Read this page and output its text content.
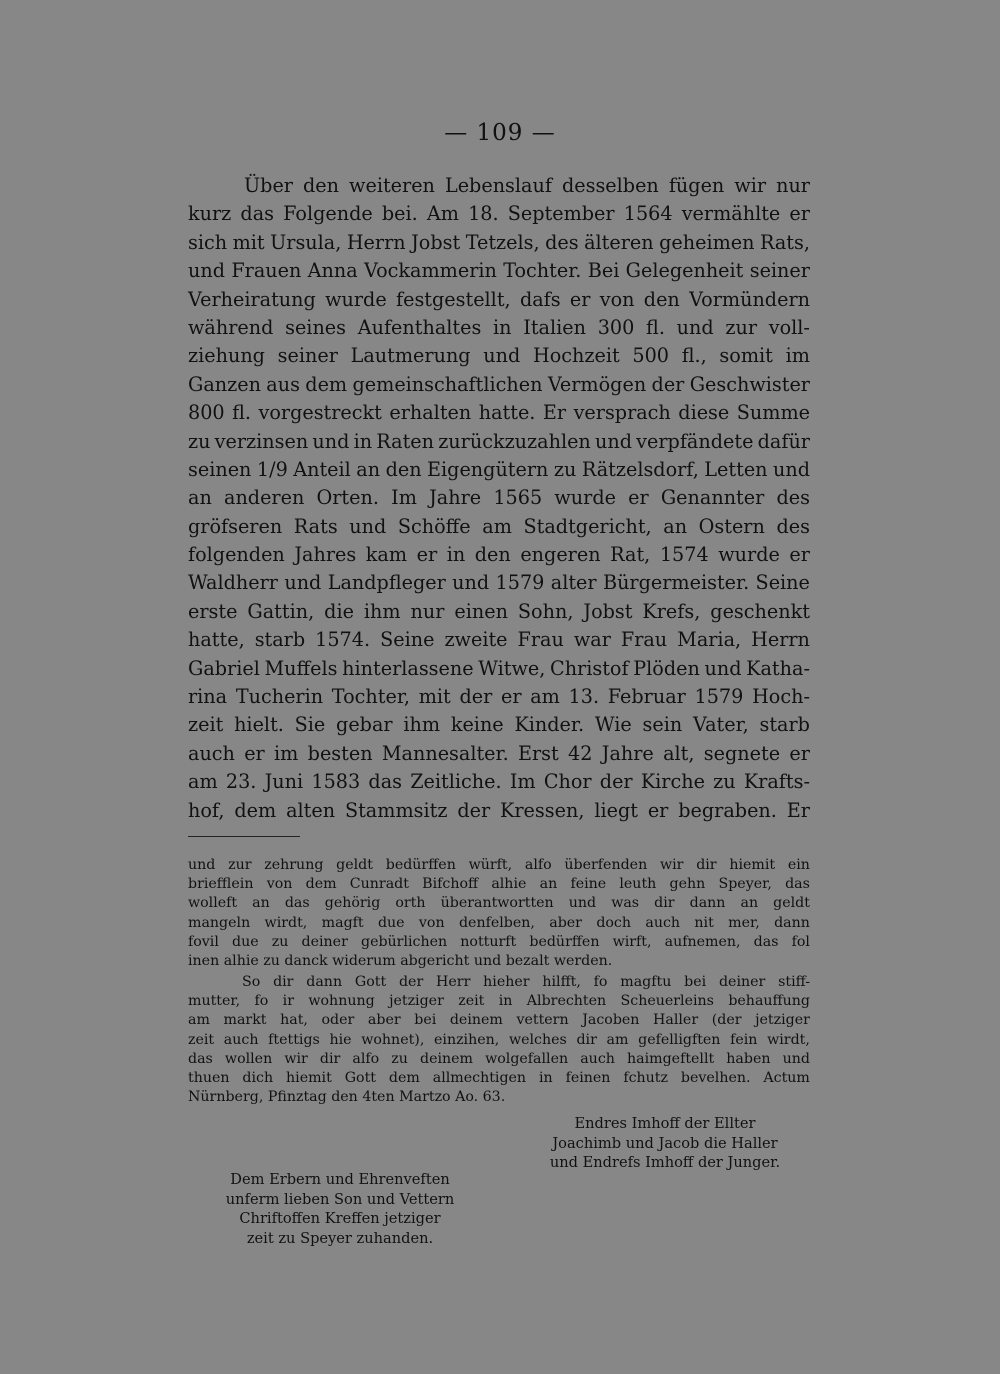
— 109 —
Über den weiteren Lebenslauf desselben fügen wir nur
kurz das Folgende bei. Am 18. September 1564 vermählte er
sich mit Ursula, Herrn Jobst Tetzels, des älteren geheimen Rats,
und Frauen Anna Vockammerin Tochter. Bei Gelegenheit seiner
Verheiratung wurde festgestellt, dafs er von den Vormündern
während seines Aufenthaltes in Italien 300 fl. und zur voll-
ziehung seiner Lautmerung und Hochzeit 500 fl., somit im
Ganzen aus dem gemeinschaftlichen Vermögen der Geschwister
800 fl. vorgestreckt erhalten hatte. Er versprach diese Summe
zu verzinsen und in Raten zurückzuzahlen und verpfändete dafür
seinen 1/9 Anteil an den Eigengütern zu Rätzelsdorf, Letten und
an anderen Orten. Im Jahre 1565 wurde er Genannter des
gröfseren Rats und Schöffe am Stadtgericht, an Ostern des
folgenden Jahres kam er in den engeren Rat, 1574 wurde er
Waldherr und Landpfleger und 1579 alter Bürgermeister. Seine
erste Gattin, die ihm nur einen Sohn, Jobst Krefs, geschenkt
hatte, starb 1574. Seine zweite Frau war Frau Maria, Herrn
Gabriel Muffels hinterlassene Witwe, Christof Plöden und Katha-
rina Tucherin Tochter, mit der er am 13. Februar 1579 Hoch-
zeit hielt. Sie gebar ihm keine Kinder. Wie sein Vater, starb
auch er im besten Mannesalter. Erst 42 Jahre alt, segnete er
am 23. Juni 1583 das Zeitliche. Im Chor der Kirche zu Krafts-
hof, dem alten Stammsitz der Kressen, liegt er begraben. Er
und zur zehrung geldt bedürffen würft, alfo überfenden wir dir hiemit ein
briefflein von dem Cunradt Bifchoff alhie an feine leuth gehn Speyer, das
wolleft an das gehörig orth überantwortten und was dir dann an geldt
mangeln wirdt, magft due von denfelben, aber doch auch nit mer, dann
fovil due zu deiner gebürlichen notturft bedürffen wirft, aufnemen, das fol
inen alhie zu danck widerum abgericht und bezalt werden.
So dir dann Gott der Herr hieher hilfft, fo magftu bei deiner stiff-
mutter, fo ir wohnung jetziger zeit in Albrechten Scheuerleins behauffung
am markt hat, oder aber bei deinem vettern Jacoben Haller (der jetziger
zeit auch ftettigs hie wohnet), einzihen, welches dir am gefelligften fein wirdt,
das wollen wir dir alfo zu deinem wolgefallen auch haimgeftellt haben und
thuen dich hiemit Gott dem allmechtigen in feinen fchutz bevelhen. Actum
Nürnberg, Pfinztag den 4ten Martzo Ao. 63.
Endres Imhoff der Ellter
Joachimb und Jacob die Haller
und Endrefs Imhoff der Junger.
Dem Erbern und Ehrenveften
unferm lieben Son und Vettern
Chriftoffen Kreffen jetziger
zeit zu Speyer zuhanden.
